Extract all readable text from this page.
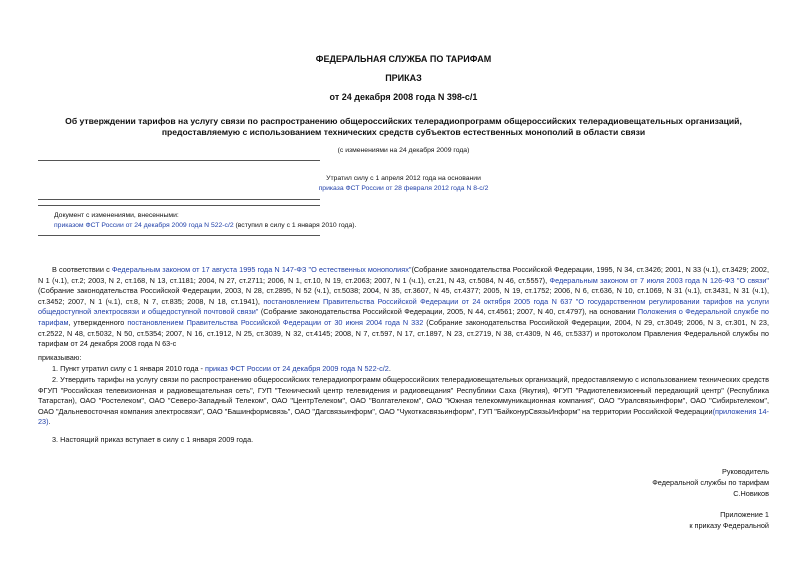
ФЕДЕРАЛЬНАЯ СЛУЖБА ПО ТАРИФАМ
ПРИКАЗ
от 24 декабря 2008 года N 398-с/1
Об утверждении тарифов на услугу связи по распространению общероссийских телерадиопрограмм общероссийских телерадиовещательных организаций,
предоставляемую с использованием технических средств субъектов естественных монополий в области связи
(с изменениями на 24 декабря 2009 года)
Утратил силу с 1 апреля 2012 года на основании
приказа ФСТ России от 28 февраля 2012 года N 8-с/2
Документ с изменениями, внесенными:
приказом ФСТ России от 24 декабря 2009 года N 522-с/2 (вступил в силу с 1 января 2010 года).
В соответствии с Федеральным законом от 17 августа 1995 года N 147-ФЗ "О естественных монополиях"(Собрание законодательства Российской Федерации, 1995, N 34, ст.3426; 2001, N 33 (ч.1), ст.3429; 2002, N 1 (ч.1), ст.2; 2003, N 2, ст.168, N 13, ст.1181; 2004, N 27, ст.2711; 2006, N 1, ст.10, N 19, ст.2063; 2007, N 1 (ч.1), ст.21, N 43, ст.5084, N 46, ст.5557), Федеральным законом от 7 июля 2003 года N 126-ФЗ "О связи" (Собрание законодательства Российской Федерации, 2003, N 28, ст.2895, N 52 (ч.1), ст.5038; 2004, N 35, ст.3607, N 45, ст.4377; 2005, N 19, ст.1752; 2006, N 6, ст.636, N 10, ст.1069, N 31 (ч.1), ст.3431, N 31 (ч.1), ст.3452; 2007, N 1 (ч.1), ст.8, N 7, ст.835; 2008, N 18, ст.1941), постановлением Правительства Российской Федерации от 24 октября 2005 года N 637 "О государственном регулировании тарифов на услуги общедоступной электросвязи и общедоступной почтовой связи" (Собрание законодательства Российской Федерации, 2005, N 44, ст.4561; 2007, N 40, ст.4797), на основании Положения о Федеральной службе по тарифам, утвержденного постановлением Правительства Российской Федерации от 30 июня 2004 года N 332 (Собрание законодательства Российской Федерации, 2004, N 29, ст.3049; 2006, N 3, ст.301, N 23, ст.2522, N 48, ст.5032, N 50, ст.5354; 2007, N 16, ст.1912, N 25, ст.3039, N 32, ст.4145; 2008, N 7, ст.597, N 17, ст.1897, N 23, ст.2719, N 38, ст.4309, N 46, ст.5337) и протоколом Правления Федеральной службы по тарифам от 24 декабря 2008 года N 63-с
приказываю:
1. Пункт утратил силу с 1 января 2010 года - приказ ФСТ России от 24 декабря 2009 года N 522-с/2.
2. Утвердить тарифы на услугу связи по распространению общероссийских телерадиопрограмм общероссийских телерадиовещательных организаций, предоставляемую с использованием технических средств ФГУП "Российская телевизионная и радиовещательная сеть", ГУП "Технический центр телевидения и радиовещания" Республики Саха (Якутия), ФГУП "Радиотелевизионный передающий центр" (Республика Татарстан), ОАО "Ростелеком", ОАО "Северо-Западный Телеком", ОАО "ЦентрТелеком", ОАО "Волгателеком", ОАО "Южная телекоммуникационная компания", ОАО "Уралсвязьинформ", ОАО "Сибирьтелеком", ОАО "Дальневосточная компания электросвязи", ОАО "Башинформсвязь", ОАО "Дагсвязьинформ", ОАО "Чукоткасвязьинформ", ГУП "БайконурСвязьИнформ" на территории Российской Федерации(приложения 14-23).
3. Настоящий приказ вступает в силу с 1 января 2009 года.
Руководитель
Федеральной службы по тарифам
С.Новиков
Приложение 1
к приказу Федеральной
